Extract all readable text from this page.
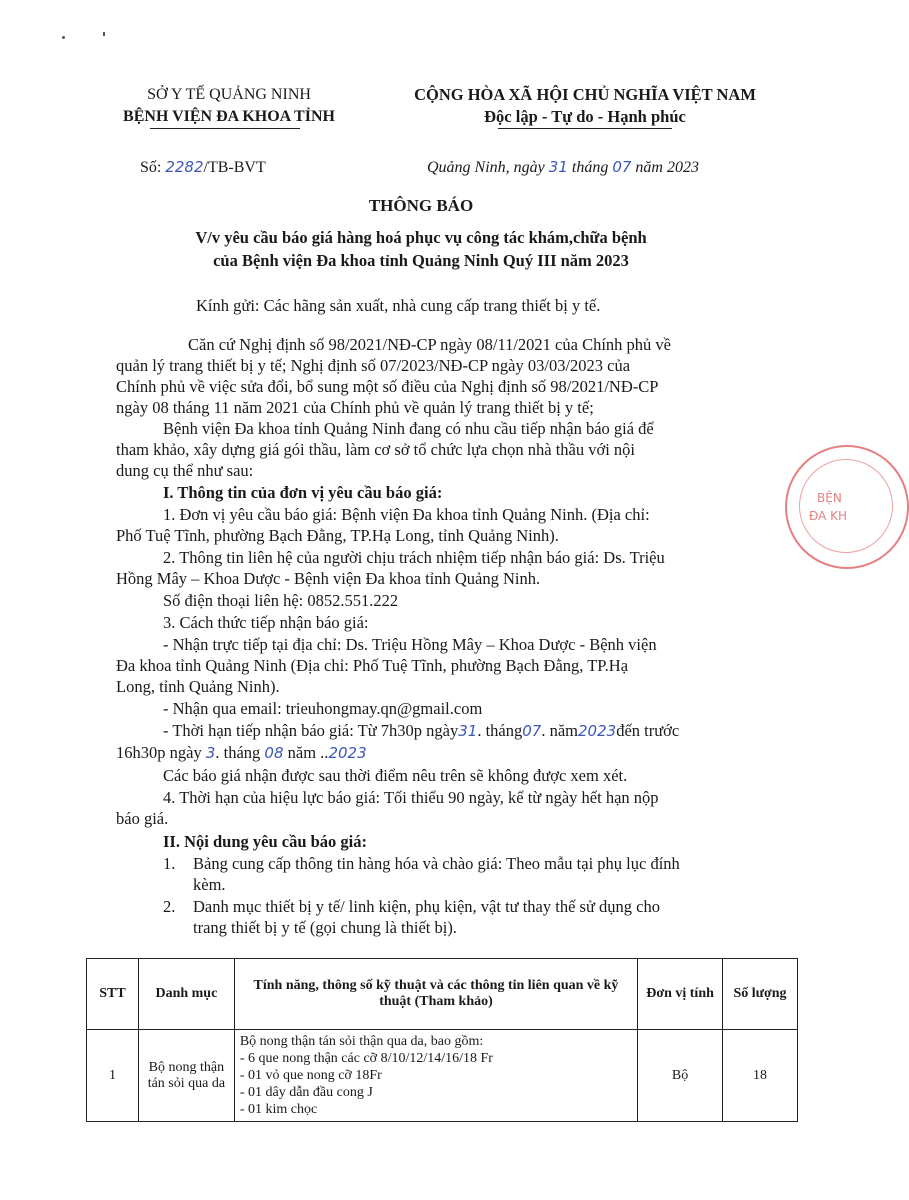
SỞ Y TẾ QUẢNG NINH
BỆNH VIỆN ĐA KHOA TỈNH
CỘNG HÒA XÃ HỘI CHỦ NGHĨA VIỆT NAM
Độc lập - Tự do - Hạnh phúc
Số: 2282/TB-BVT	Quảng Ninh, ngày 31 tháng 07 năm 2023
THÔNG BÁO
V/v yêu cầu báo giá hàng hoá phục vụ công tác khám,chữa bệnh
của Bệnh viện Đa khoa tỉnh Quảng Ninh Quý III năm 2023
Kính gửi: Các hãng sản xuất, nhà cung cấp trang thiết bị y tế.
Căn cứ Nghị định số 98/2021/NĐ-CP ngày 08/11/2021 của Chính phủ về
quản lý trang thiết bị y tế; Nghị định số 07/2023/NĐ-CP ngày 03/03/2023 của
Chính phủ về việc sửa đổi, bổ sung một số điều của Nghị định số 98/2021/NĐ-CP
ngày 08 tháng 11 năm 2021 của Chính phủ về quản lý trang thiết bị y tế;
Bệnh viện Đa khoa tỉnh Quảng Ninh đang có nhu cầu tiếp nhận báo giá để
tham khảo, xây dựng giá gói thầu, làm cơ sở tổ chức lựa chọn nhà thầu với nội
dung cụ thể như sau:
I. Thông tin của đơn vị yêu cầu báo giá:
1. Đơn vị yêu cầu báo giá: Bệnh viện Đa khoa tỉnh Quảng Ninh. (Địa chỉ:
Phố Tuệ Tĩnh, phường Bạch Đằng, TP.Hạ Long, tỉnh Quảng Ninh).
2. Thông tin liên hệ của người chịu trách nhiệm tiếp nhận báo giá: Ds. Triệu
Hồng Mây – Khoa Dược - Bệnh viện Đa khoa tỉnh Quảng Ninh.
Số điện thoại liên hệ: 0852.551.222
3. Cách thức tiếp nhận báo giá:
- Nhận trực tiếp tại địa chỉ: Ds. Triệu Hồng Mây – Khoa Dược - Bệnh viện
Đa khoa tỉnh Quảng Ninh (Địa chỉ: Phố Tuệ Tĩnh, phường Bạch Đằng, TP.Hạ
Long, tỉnh Quảng Ninh).
- Nhận qua email: trieuhongmay.qn@gmail.com
- Thời hạn tiếp nhận báo giá: Từ 7h30p ngày31. tháng07. năm2023đến trước
16h30p ngày 3. tháng 08 năm ..2023
Các báo giá nhận được sau thời điểm nêu trên sẽ không được xem xét.
4. Thời hạn của hiệu lực báo giá: Tối thiểu 90 ngày, kể từ ngày hết hạn nộp
báo giá.
II. Nội dung yêu cầu báo giá:
1. Bảng cung cấp thông tin hàng hóa và chào giá: Theo mẫu tại phụ lục đính
kèm.
2. Danh mục thiết bị y tế/ linh kiện, phụ kiện, vật tư thay thế sử dụng cho
trang thiết bị y tế (gọi chung là thiết bị).
STT	Danh mục	Tính năng, thông số kỹ thuật và các thông tin liên quan về kỹ thuật (Tham khảo)	Đơn vị tính	Số lượng
1	Bộ nong thận tán sỏi qua da	Bộ nong thận tán sỏi thận qua da, bao gồm:
- 6 que nong thận các cỡ 8/10/12/14/16/18 Fr
- 01 vỏ que nong cỡ 18Fr
- 01 dây dẫn đầu cong J
- 01 kim chọc	Bộ	18
BỆN
ĐA KH
